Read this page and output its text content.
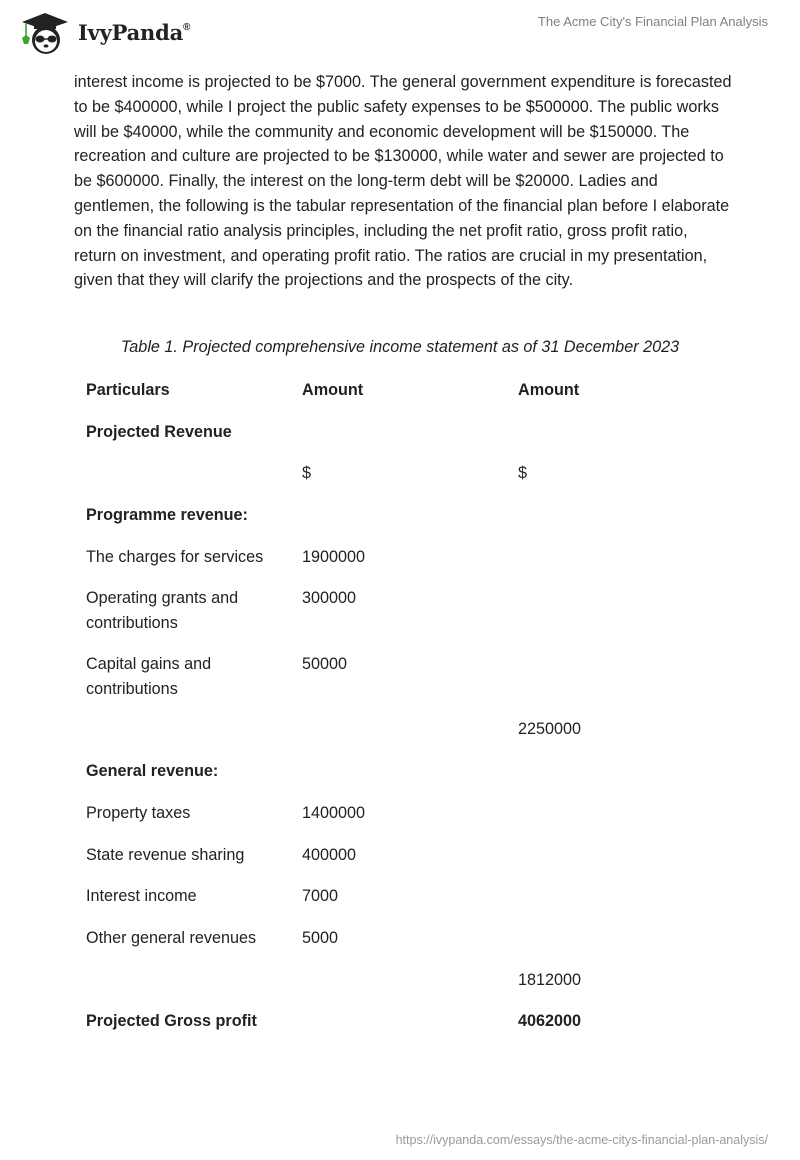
IvyPanda®	The Acme City's Financial Plan Analysis
interest income is projected to be $7000. The general government expenditure is forecasted to be $400000, while I project the public safety expenses to be $500000. The public works will be $40000, while the community and economic development will be $150000. The recreation and culture are projected to be $130000, while water and sewer are projected to be $600000. Finally, the interest on the long-term debt will be $20000. Ladies and gentlemen, the following is the tabular representation of the financial plan before I elaborate on the financial ratio analysis principles, including the net profit ratio, gross profit ratio, return on investment, and operating profit ratio. The ratios are crucial in my presentation, given that they will clarify the projections and the prospects of the city.
Table 1. Projected comprehensive income statement as of 31 December 2023
Particulars	Amount	Amount
Projected Revenue		
	$	$
Programme revenue:		
The charges for services	1900000	
Operating grants and contributions	300000	
Capital gains and contributions	50000	
		2250000
General revenue:		
Property taxes	1400000	
State revenue sharing	400000	
Interest income	7000	
Other general revenues	5000	
		1812000
Projected Gross profit		4062000
https://ivypanda.com/essays/the-acme-citys-financial-plan-analysis/
